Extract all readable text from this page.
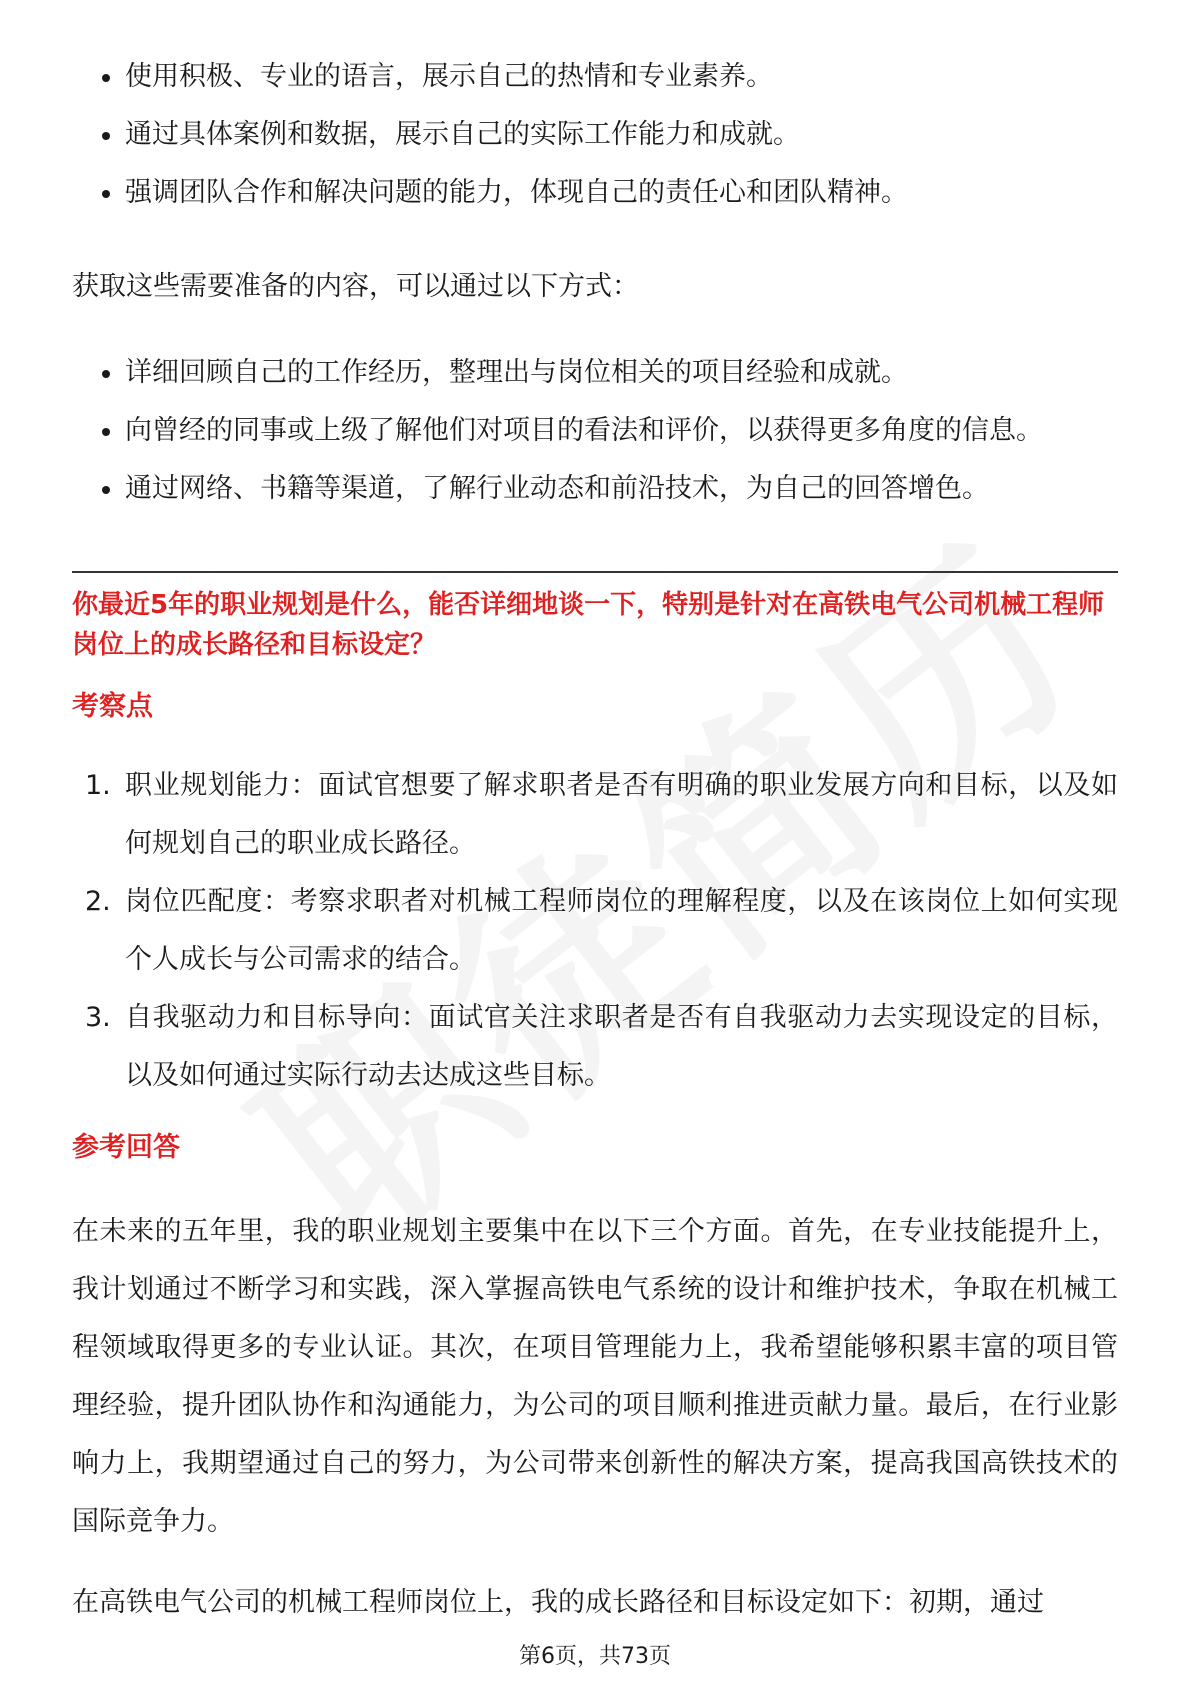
使用积极、专业的语言，展示自己的热情和专业素养。
通过具体案例和数据，展示自己的实际工作能力和成就。
强调团队合作和解决问题的能力，体现自己的责任心和团队精神。

获取这些需要准备的内容，可以通过以下方式：

详细回顾自己的工作经历，整理出与岗位相关的项目经验和成就。
向曾经的同事或上级了解他们对项目的看法和评价，以获得更多角度的信息。
通过网络、书籍等渠道，了解行业动态和前沿技术，为自己的回答增色。

你最近5年的职业规划是什么，能否详细地谈一下，特别是针对在高铁电气公司机械工程师岗位上的成长路径和目标设定？

考察点

1. 职业规划能力：面试官想要了解求职者是否有明确的职业发展方向和目标，以及如何规划自己的职业成长路径。
2. 岗位匹配度：考察求职者对机械工程师岗位的理解程度，以及在该岗位上如何实现个人成长与公司需求的结合。
3. 自我驱动力和目标导向：面试官关注求职者是否有自我驱动力去实现设定的目标，以及如何通过实际行动去达成这些目标。

参考回答

在未来的五年里，我的职业规划主要集中在以下三个方面。首先，在专业技能提升上，我计划通过不断学习和实践，深入掌握高铁电气系统的设计和维护技术，争取在机械工程领域取得更多的专业认证。其次，在项目管理能力上，我希望能够积累丰富的项目管理经验，提升团队协作和沟通能力，为公司的项目顺利推进贡献力量。最后，在行业影响力上，我期望通过自己的努力，为公司带来创新性的解决方案，提高我国高铁技术的国际竞争力。

在高铁电气公司的机械工程师岗位上，我的成长路径和目标设定如下：初期，通过

第6页，共73页
